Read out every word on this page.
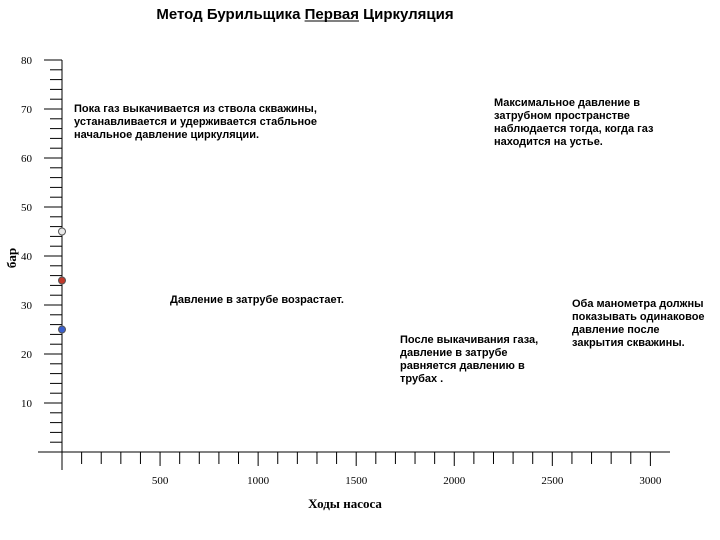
Метод Бурильщика Первая Циркуляция
10
20
30
40
50
60
70
80
500	1000	1500	2000	2500	3000
Ходы насоса
бар
Пока газ выкачивается из ствола скважины,
устанавливается и удерживается стабльное
начальное давление циркуляции.
Максимальное давление в
затрубном пространстве
наблюдается тогда, когда газ
находится на устье.
Давление в затрубе возрастает.
После выкачивания газа,
давление в затрубе
равняется давлению в
трубах .
Оба манометра должны
показывать одинаковое
давление после
закрытия скважины.
